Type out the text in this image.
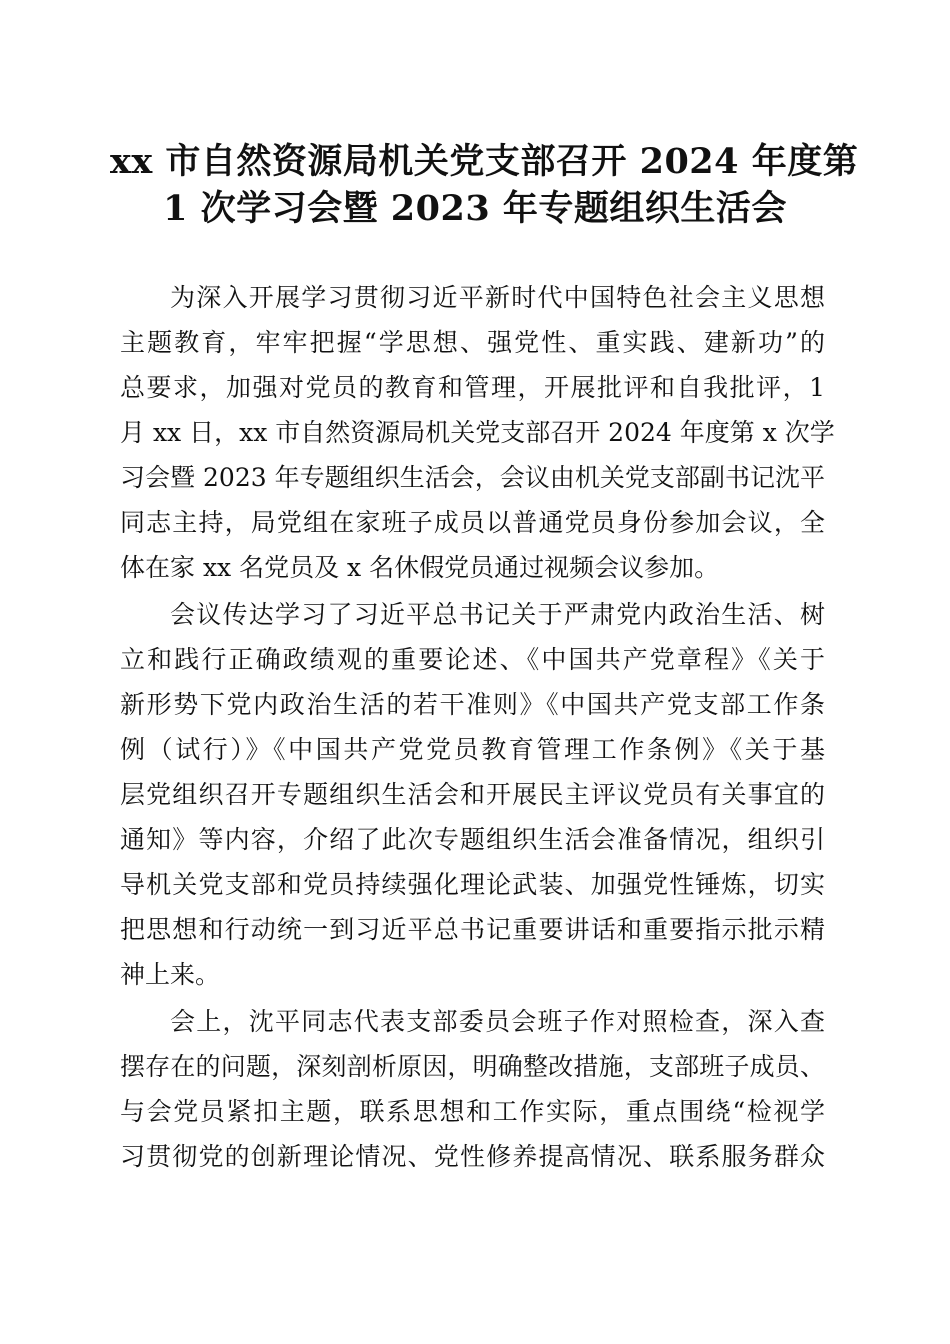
xx 市自然资源局机关党支部召开 2024 年度第
1 次学习会暨 2023 年专题组织生活会

为深入开展学习贯彻习近平新时代中国特色社会主义思想
主题教育，牢牢把握“学思想、强党性、重实践、建新功”的
总要求，加强对党员的教育和管理，开展批评和自我批评，1
月 xx 日，xx 市自然资源局机关党支部召开 2024 年度第 x 次学
习会暨 2023 年专题组织生活会，会议由机关党支部副书记沈平
同志主持，局党组在家班子成员以普通党员身份参加会议，全
体在家 xx 名党员及 x 名休假党员通过视频会议参加。

会议传达学习了习近平总书记关于严肃党内政治生活、树
立和践行正确政绩观的重要论述、《中国共产党章程》《关于
新形势下党内政治生活的若干准则》《中国共产党支部工作条
例（试行）》《中国共产党党员教育管理工作条例》《关于基
层党组织召开专题组织生活会和开展民主评议党员有关事宜的
通知》等内容，介绍了此次专题组织生活会准备情况，组织引
导机关党支部和党员持续强化理论武装、加强党性锤炼，切实
把思想和行动统一到习近平总书记重要讲话和重要指示批示精
神上来。

会上，沈平同志代表支部委员会班子作对照检查，深入查
摆存在的问题，深刻剖析原因，明确整改措施，支部班子成员、
与会党员紧扣主题，联系思想和工作实际，重点围绕“检视学
习贯彻党的创新理论情况、党性修养提高情况、联系服务群众
